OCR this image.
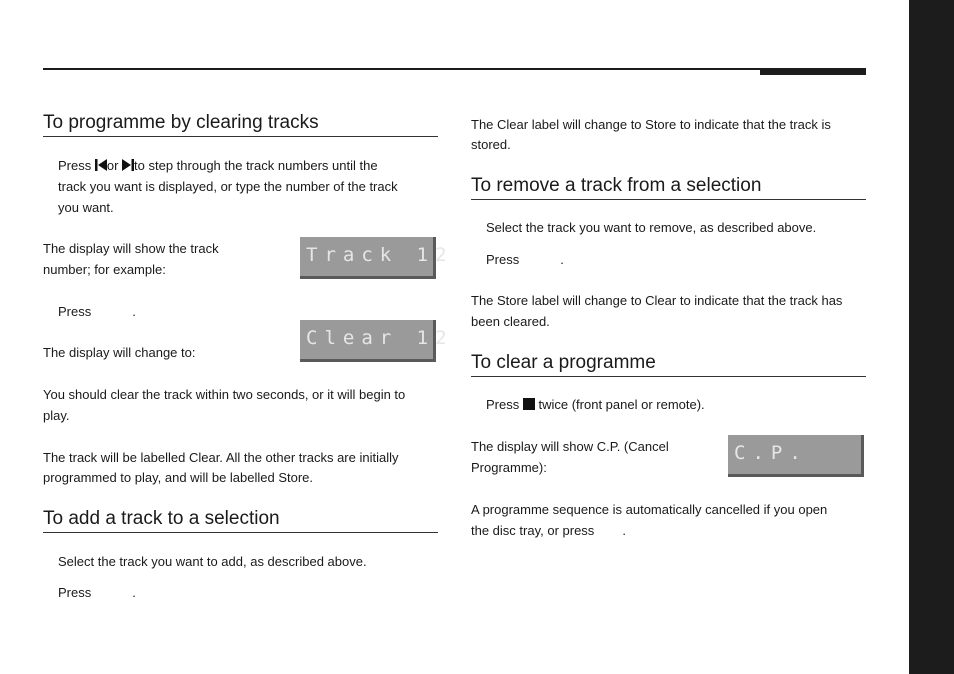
To programme by clearing tracks

Press or to step through the track numbers until the

track you want is displayed, or type the number of the track

you want.

The display will show the track

number; for example:

Track 12

Press	.

Clear 12

The display will change to:

You should clear the track within two seconds, or it will begin to

play.

The track will be labelled Clear. All the other tracks are initially

programmed to play, and will be labelled Store.

To add a track to a selection

Select the track you want to add, as described above.

Press	.

The Clear label will change to Store to indicate that the track is

stored.

To remove a track from a selection

Select the track you want to remove, as described above.

Press	.

The Store label will change to Clear to indicate that the track has

been cleared.

To clear a programme

Press twice (front panel or remote).

The display will show C.P. (Cancel

Programme):

C.P.

A programme sequence is automatically cancelled if you open

the disc tray, or press .
